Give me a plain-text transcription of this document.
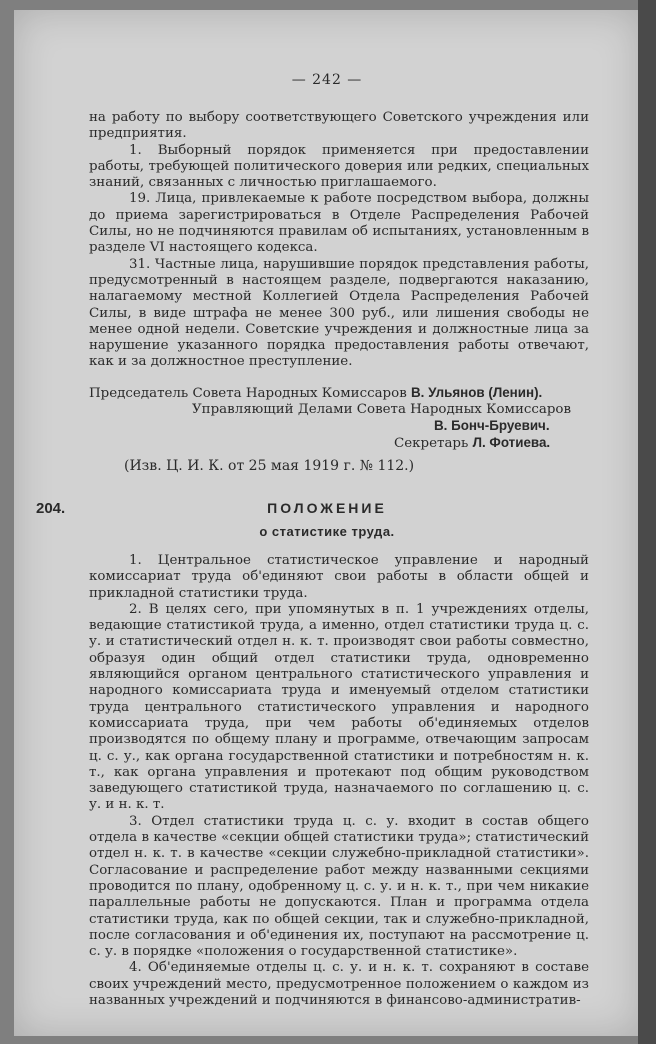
— 242 —

на работу по выбору соответствующего Советского учреждения или предприятия.

1. Выборный порядок применяется при предоставлении работы, требующей политического доверия или редких, специальных знаний, связанных с личностью приглашаемого.

19. Лица, привлекаемые к работе посредством выбора, должны до приема зарегистрироваться в Отделе Распределения Рабочей Силы, но не подчиняются правилам об испытаниях, установленным в разделе VI настоящего кодекса.

31. Частные лица, нарушившие порядок представления работы, предусмотренный в настоящем разделе, подвергаются наказанию, налагаемому местной Коллегией Отдела Распределения Рабочей Силы, в виде штрафа не менее 300 руб., или лишения свободы не менее одной недели. Советские учреждения и должностные лица за нарушение указанного порядка предоставления работы отвечают, как и за должностное преступление.

Председатель Совета Народных Комиссаров В. Ульянов (Ленин).
Управляющий Делами Совета Народных Комиссаров
В. Бонч-Бруевич.
Секретарь Л. Фотиева.
(Изв. Ц. И. К. от 25 мая 1919 г. № 112.)
204.	ПОЛОЖЕНИЕ
о статистике труда.

1. Центральное статистическое управление и народный комиссариат труда об'единяют свои работы в области общей и прикладной статистики труда.

2. В целях сего, при упомянутых в п. 1 учреждениях отделы, ведающие статистикой труда, а именно, отдел статистики труда ц. с. у. и статистический отдел н. к. т. производят свои работы совместно, образуя один общий отдел статистики труда, одновременно являющийся органом центрального статистического управления и народного комиссариата труда и именуемый отделом статистики труда центрального статистического управления и народного комиссариата труда, при чем работы об'единяемых отделов производятся по общему плану и программе, отвечающим запросам ц. с. у., как органа государственной статистики и потребностям н. к. т., как органа управления и протекают под общим руководством заведующего статистикой труда, назначаемого по соглашению ц. с. у. и н. к. т.

3. Отдел статистики труда ц. с. у. входит в состав общего отдела в качестве «секции общей статистики труда»; статистический отдел н. к. т. в качестве «секции служебно-прикладной статистики». Согласование и распределение работ между названными секциями проводится по плану, одобренному ц. с. у. и н. к. т., при чем никакие параллельные работы не допускаются. План и программа отдела статистики труда, как по общей секции, так и служебно-прикладной, после согласования и об'единения их, поступают на рассмотрение ц. с. у. в порядке «положения о государственной статистике».

4. Об'единяемые отделы ц. с. у. и н. к. т. сохраняют в составе своих учреждений место, предусмотренное положением о каждом из названных учреждений и подчиняются в финансово-административ-
